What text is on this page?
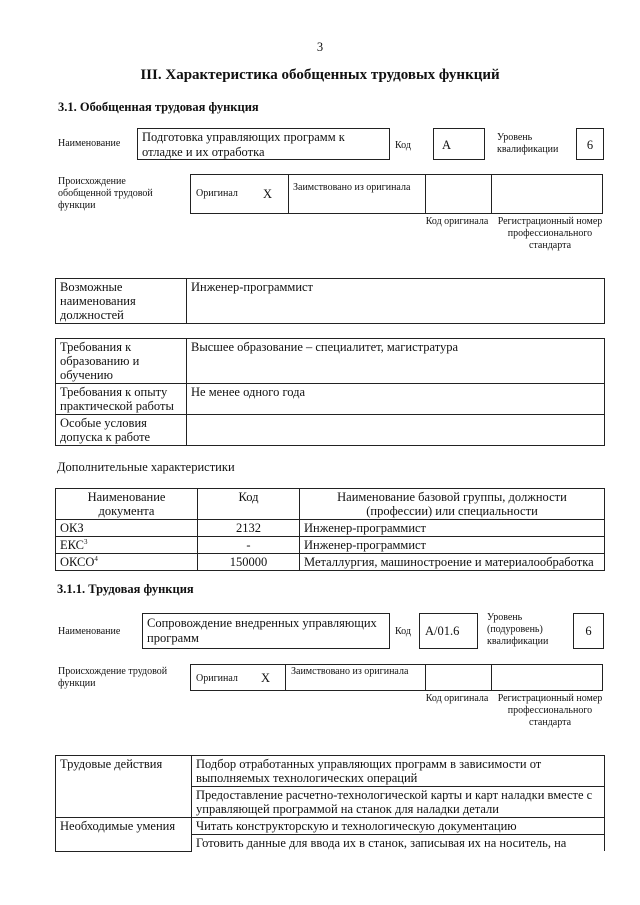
3
III. Характеристика обобщенных трудовых функций
3.1. Обобщенная трудовая функция
Наименование	Подготовка управляющих программ к отладке и их отработка	Код	A
Уровень квалификации	6
Происхождение обобщенной трудовой функции
Оригинал X Заимствовано из оригинала
Код оригинала Регистрационный номер профессионального стандарта
Возможные наименования должностей	Инженер-программист
Требования к образованию и обучению	Высшее образование – специалитет, магистратура
Требования к опыту практической работы	Не менее одного года
Особые условия допуска к работе	
Дополнительные характеристики
Наименование документа	Код	Наименование базовой группы, должности (профессии) или специальности
ОКЗ	2132	Инженер-программист
ЕКС$^3$	-	Инженер-программист
ОКСО$^4$	150000	Металлургия, машиностроение и материалообработка
3.1.1. Трудовая функция
Наименование
Сопровождение внедренных управляющих программ	Код	A/01.6
Уровень (подуровень) квалификации
6
Происхождение трудовой функции	Оригинал X Заимствовано из оригинала
Код оригинала Регистрационный номер профессионального стандарта
Трудовые действия	Подбор отработанных управляющих программ в зависимости от выполняемых технологических операций
	Предоставление расчетно-технологической карты и карт наладки вместе с управляющей программой на станок для наладки детали
Необходимые умения	Читать конструкторскую и технологическую документацию
	Готовить данные для ввода их в станок, записывая их на носитель, на
